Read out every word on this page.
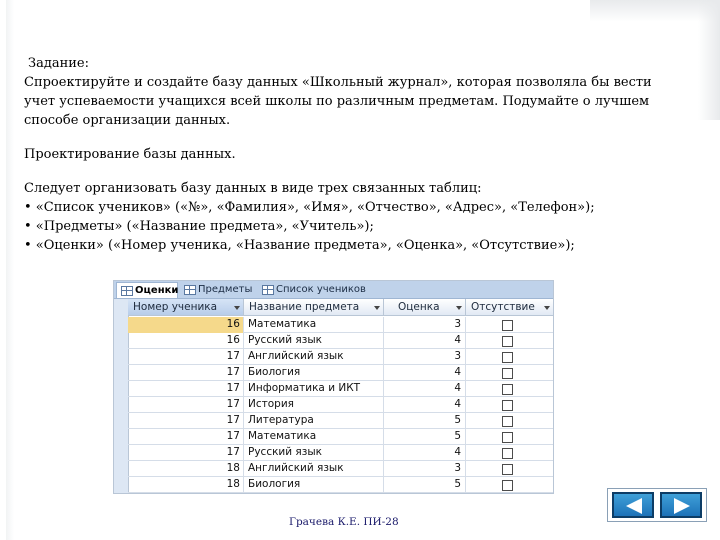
Задание:

Спроектируйте и создайте базу данных «Школьный журнал», которая позволяла бы вести

учет успеваемости учащихся всей школы по различным предметам. Подумайте о лучшем

способе организации данных.

Проектирование базы данных.

Следует организовать базу данных в виде трех связанных таблиц:

• «Список учеников» («№», «Фамилия», «Имя», «Отчество», «Адрес», «Телефон»);

• «Предметы» («Название предмета», «Учитель»);

• «Оценки» («Номер ученика, «Название предмета», «Оценка», «Отсутствие»);

Оценки	Предметы	Список учеников
Номер ученика	Название предмета	Оценка	Отсутствие
16 Математика	3
16 Русский язык	4
17 Английский язык	3
17 Биология	4
17 Информатика и ИКТ	4
17 История	4
17 Литература	5
17 Математика	5
17 Русский язык	4
18 Английский язык	3
18 Биология	5
Грачева К.Е. ПИ-28
